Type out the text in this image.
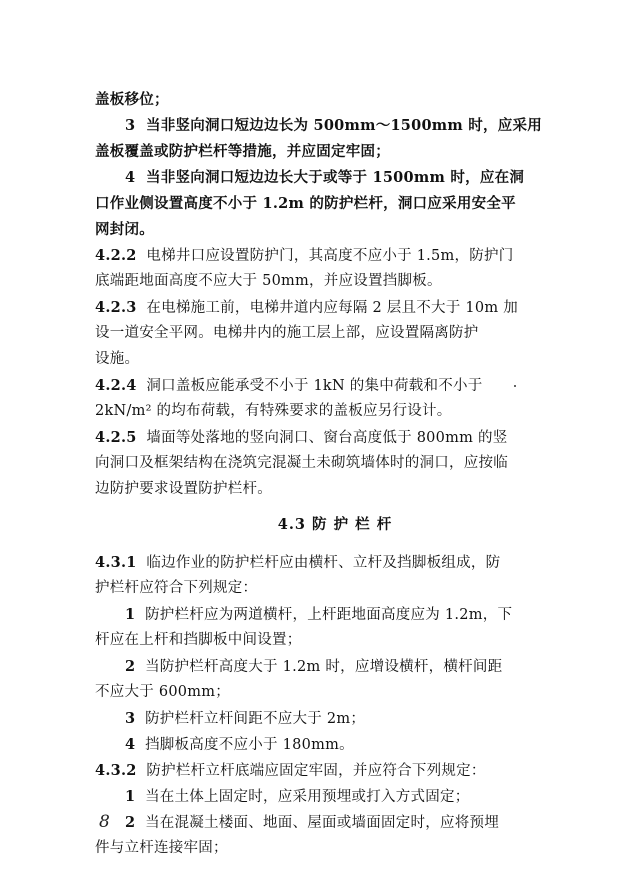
盖板移位；
3 当非竖向洞口短边边长为 500mm～1500mm 时，应采用
盖板覆盖或防护栏杆等措施，并应固定牢固；
4 当非竖向洞口短边边长大于或等于 1500mm 时，应在洞
口作业侧设置高度不小于 1.2m 的防护栏杆，洞口应采用安全平
网封闭。
4.2.2 电梯井口应设置防护门，其高度不应小于 1.5m，防护门
底端距地面高度不应大于 50mm，并应设置挡脚板。
4.2.3 在电梯施工前，电梯井道内应每隔 2 层且不大于 10m 加
设一道安全平网。电梯井内的施工层上部，应设置隔离防护
设施。
4.2.4 洞口盖板应能承受不小于 1kN 的集中荷载和不小于
2kN/m² 的均布荷载，有特殊要求的盖板应另行设计。
4.2.5 墙面等处落地的竖向洞口、窗台高度低于 800mm 的竖
向洞口及框架结构在浇筑完混凝土未砌筑墙体时的洞口，应按临
边防护要求设置防护栏杆。
4.3 防 护 栏 杆
4.3.1 临边作业的防护栏杆应由横杆、立杆及挡脚板组成，防
护栏杆应符合下列规定：
1 防护栏杆应为两道横杆，上杆距地面高度应为 1.2m，下
杆应在上杆和挡脚板中间设置；
2 当防护栏杆高度大于 1.2m 时，应增设横杆，横杆间距
不应大于 600mm；
3 防护栏杆立杆间距不应大于 2m；
4 挡脚板高度不应小于 180mm。
4.3.2 防护栏杆立杆底端应固定牢固，并应符合下列规定：
1 当在土体上固定时，应采用预埋或打入方式固定；
2 当在混凝土楼面、地面、屋面或墙面固定时，应将预埋
件与立杆连接牢固；
8
